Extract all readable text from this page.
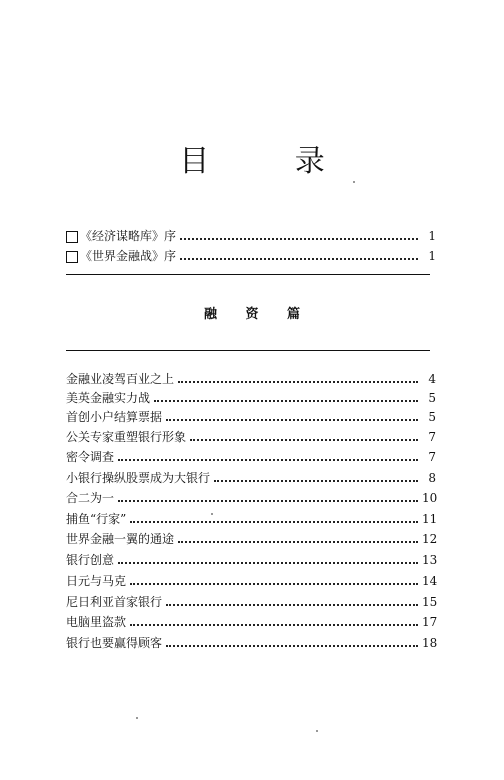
目 录
《经济谋略库》序	1
《世界金融战》序	1
融 资 篇
金融业凌驾百业之上	4
美英金融实力战	5
首创小户结算票据	5
公关专家重塑银行形象	7
密令调查	7
小银行操纵股票成为大银行	8
合二为一	10
捕鱼“行家”	11
世界金融一翼的通途	12
银行创意	13
日元与马克	14
尼日利亚首家银行	15
电脑里盗款	17
银行也要赢得顾客	18
